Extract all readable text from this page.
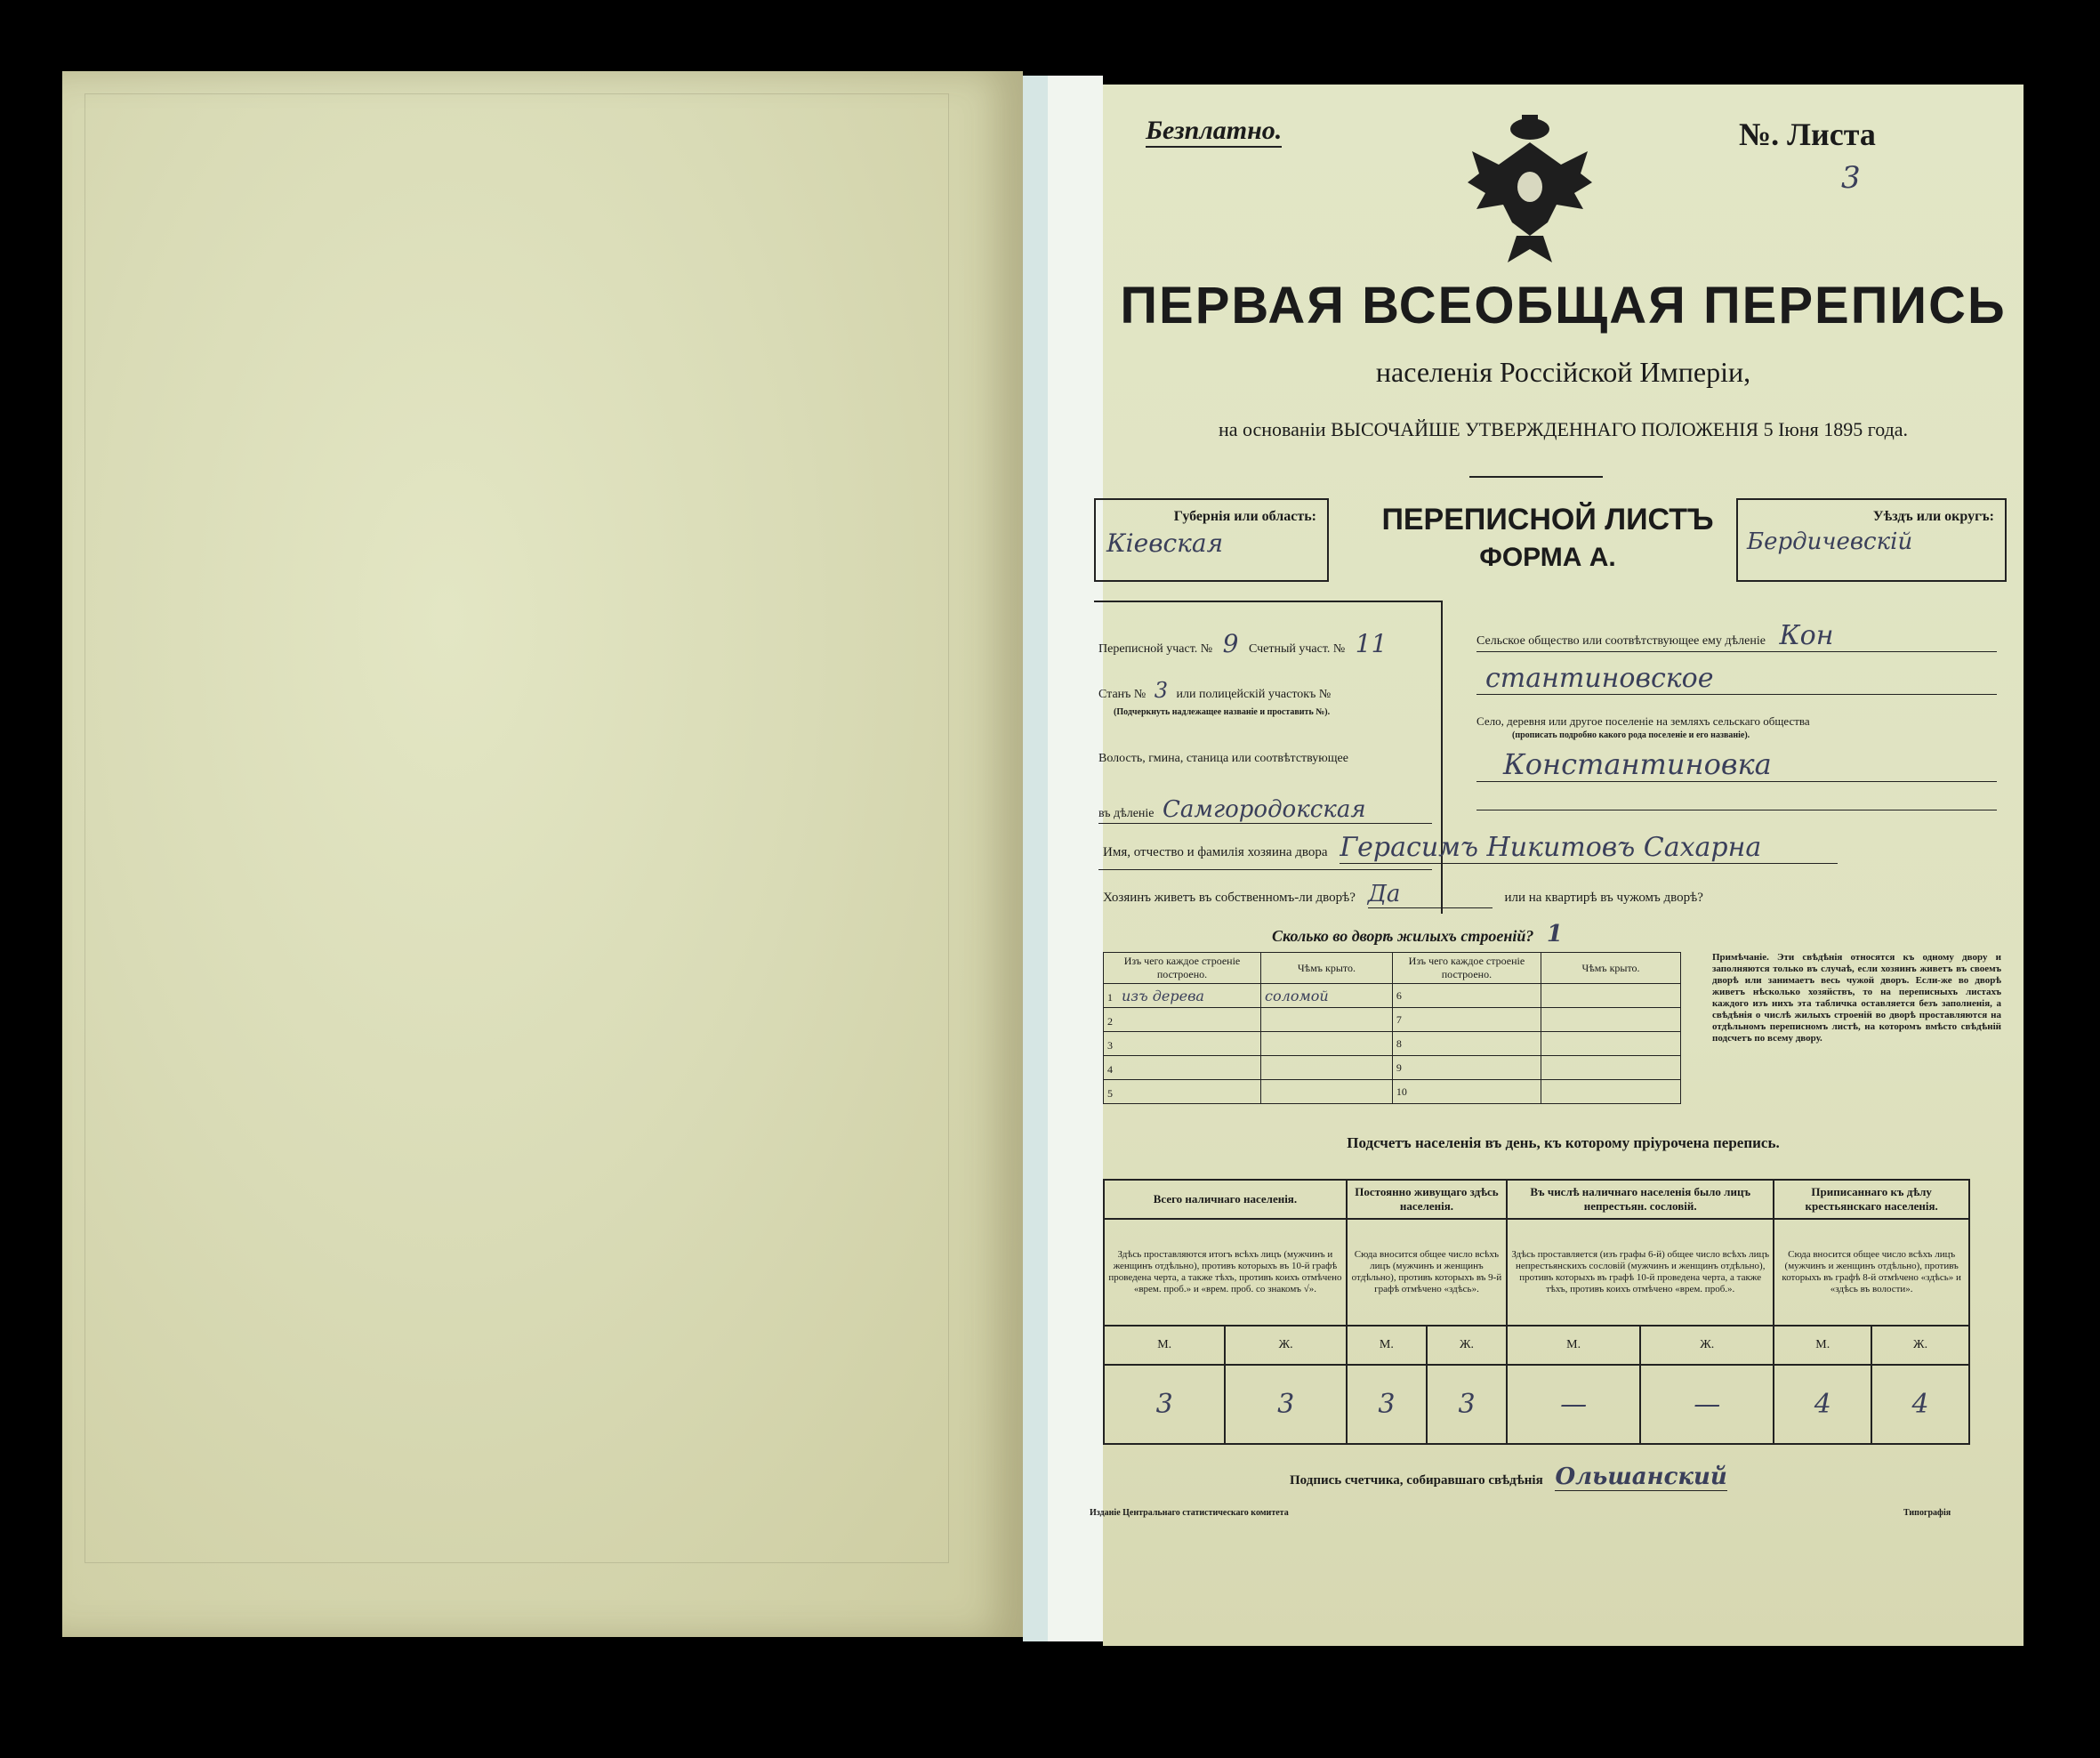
Безплатно.	№. Листа
3
ПЕРВАЯ ВСЕОБЩАЯ ПЕРЕПИСЬ
населенія Россійской Имперіи,
на основаніи ВЫСОЧАЙШЕ УТВЕРЖДЕННАГО ПОЛОЖЕНІЯ 5 Іюня 1895 года.
Губернія или область:
Кіевская
ПЕРЕПИСНОЙ ЛИСТЪ
ФОРМА А.
Уѣздъ или округъ:
Бердичевскій
Переписной участ. № 9 Счетный участ. № 11
Станъ № 3 или полицейскій участокъ №
(Подчеркнуть надлежащее названіе и проставить №).
Волость, гмина, станица или соотвѣтствующее
въ дѣленіе Самгородокская
Сельское общество или соотвѣтствующее ему дѣленіе Кон
стантиновское
Село, деревня или другое поселеніе на земляхъ сельскаго общества
(прописать подробно какого рода поселеніе и его названіе).
Константиновка
Имя, отчество и фамилія хозяина двора Герасимъ Никитовъ Сахарна
Хозяинъ живетъ въ собственномъ-ли дворѣ? Да	или на квартирѣ въ чужомъ дворѣ?
Сколько во дворѣ жилыхъ строеній? 1
Изъ чего каждое строеніе построено.	Чѣмъ крыто.	Изъ чего каждое строеніе построено.	Чѣмъ крыто.
1 изъ дерева	соломой	6	
2		7	
3		8	
4		9	
5		10	
Примѣчаніе. Эти свѣдѣнія относятся къ одному двору и заполняются только въ случаѣ, если хозяинъ живетъ въ своемъ дворѣ или занимаетъ весь чужой дворъ. Если-же во дворѣ живетъ нѣсколько хозяйствъ, то на переписныхъ листахъ каждого изъ нихъ эта табличка оставляется безъ заполненія, а свѣдѣнія о числѣ жилыхъ строеній во дворѣ проставляются на отдѣльномъ переписномъ листѣ, на которомъ вмѣсто свѣдѣній подсчетъ по всему двору.
Подсчетъ населенія въ день, къ которому пріурочена перепись.
Всего наличнаго населенія.		Постоянно живущаго здѣсь населенія.		Въ числѣ наличнаго населенія было лицъ непрестьян. сословій.		Приписаннаго къ дѣлу крестьянскаго населенія.	
Здѣсь проставляются итогъ всѣхъ лицъ (мужчинъ и женщинъ отдѣльно), противъ которыхъ въ 10-й графѣ проведена черта, а также тѣхъ, противъ коихъ отмѣчено «врем. проб.» и «врем. проб. со знакомъ √».		Сюда вносится общее число всѣхъ лицъ (мужчинъ и женщинъ отдѣльно), противъ которыхъ въ 9-й графѣ отмѣчено «здѣсь».		Здѣсь проставляется (изъ графы 6-й) общее число всѣхъ лицъ непрестьянскихъ сословій (мужчинъ и женщинъ отдѣльно), противъ которыхъ въ графѣ 10-й проведена черта, а также тѣхъ, противъ коихъ отмѣчено «врем. проб.».		Сюда вносится общее число всѣхъ лицъ (мужчинъ и женщинъ отдѣльно), противъ которыхъ въ графѣ 8-й отмѣчено «здѣсь» и «здѣсь въ волости».	
М.	Ж.	М.	Ж.	М.	Ж.	М.	Ж.
3	3	3	3	—	—	4	4
Подпись счетчика, собиравшаго свѣдѣнія Ольшанский
Изданіе Центральнаго статистическаго комитета	Типографія
